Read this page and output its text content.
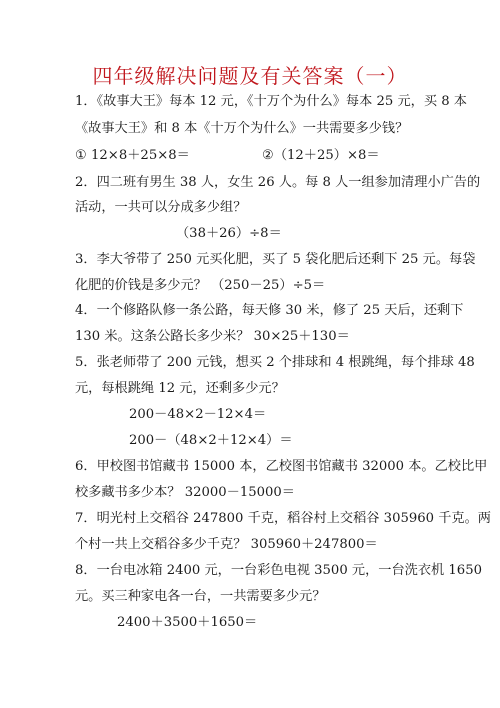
四年级解决问题及有关答案（一）
1．《故事大王》每本 12 元，《十万个为什么》每本 25 元，买 8 本
《故事大王》和 8 本《十万个为什么》一共需要多少钱？
① 12×8＋25×8＝	②（12＋25）×8＝
2．四二班有男生 38 人，女生 26 人。每 8 人一组参加清理小广告的
活动，一共可以分成多少组？
（38＋26）÷8＝
3．李大爷带了 250 元买化肥，买了 5 袋化肥后还剩下 25 元。每袋
化肥的价钱是多少元？ （250－25）÷5＝
4．一个修路队修一条公路，每天修 30 米，修了 25 天后，还剩下
130 米。这条公路长多少米？ 30×25＋130＝
5．张老师带了 200 元钱，想买 2 个排球和 4 根跳绳，每个排球 48
元，每根跳绳 12 元，还剩多少元？
200－48×2－12×4＝
200－（48×2＋12×4）＝
6．甲校图书馆藏书 15000 本，乙校图书馆藏书 32000 本。乙校比甲
校多藏书多少本？ 32000－15000＝
7．明光村上交稻谷 247800 千克，稻谷村上交稻谷 305960 千克。两
个村一共上交稻谷多少千克？ 305960＋247800＝
8．一台电冰箱 2400 元，一台彩色电视 3500 元，一台洗衣机 1650
元。买三种家电各一台，一共需要多少元？
2400＋3500＋1650＝
